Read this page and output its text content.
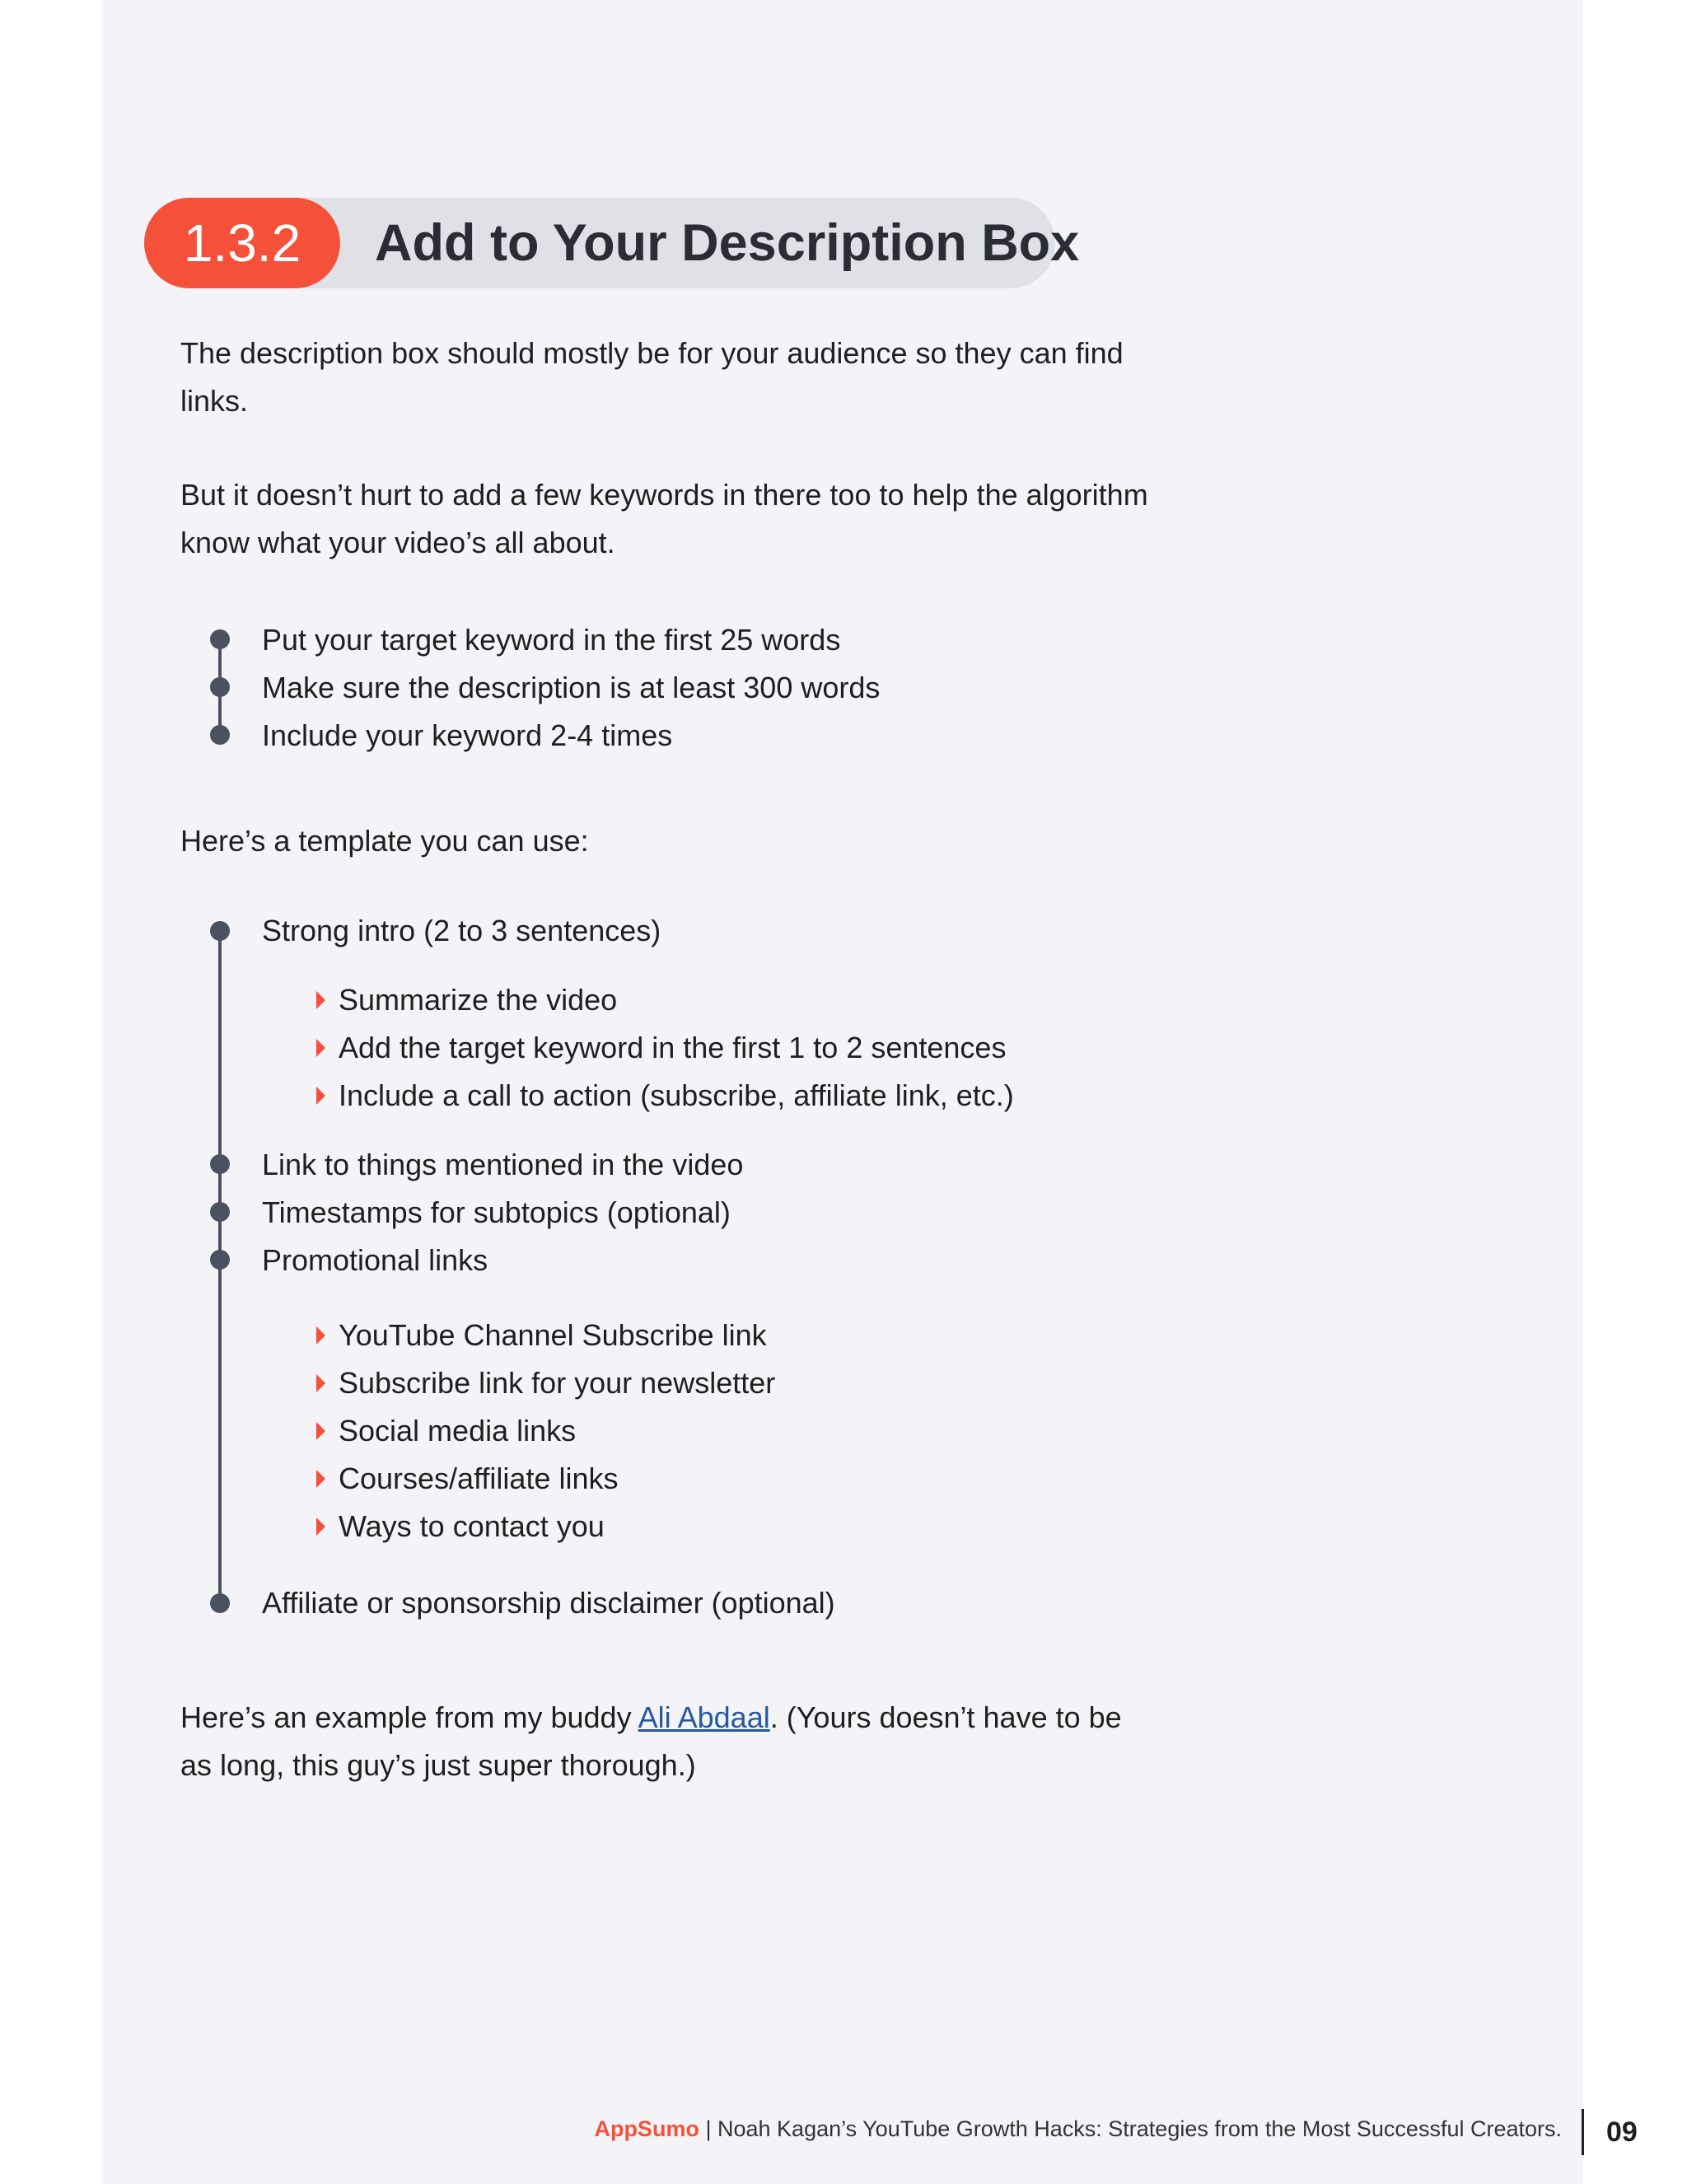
1.3.2	Add to Your Description Box

The description box should mostly be for your audience so they can find links.

But it doesn’t hurt to add a few keywords in there too to help the algorithm know what your video’s all about.

Put your target keyword in the first 25 words
Make sure the description is at least 300 words
Include your keyword 2-4 times

Here’s a template you can use:

Strong intro (2 to 3 sentences)
Summarize the video
Add the target keyword in the first 1 to 2 sentences
Include a call to action (subscribe, affiliate link, etc.)
Link to things mentioned in the video
Timestamps for subtopics (optional)
Promotional links
YouTube Channel Subscribe link
Subscribe link for your newsletter
Social media links
Courses/affiliate links
Ways to contact you
Affiliate or sponsorship disclaimer (optional)

Here’s an example from my buddy Ali Abdaal. (Yours doesn’t have to be as long, this guy’s just super thorough.)

AppSumo | Noah Kagan’s YouTube Growth Hacks: Strategies from the Most Successful Creators. 09
